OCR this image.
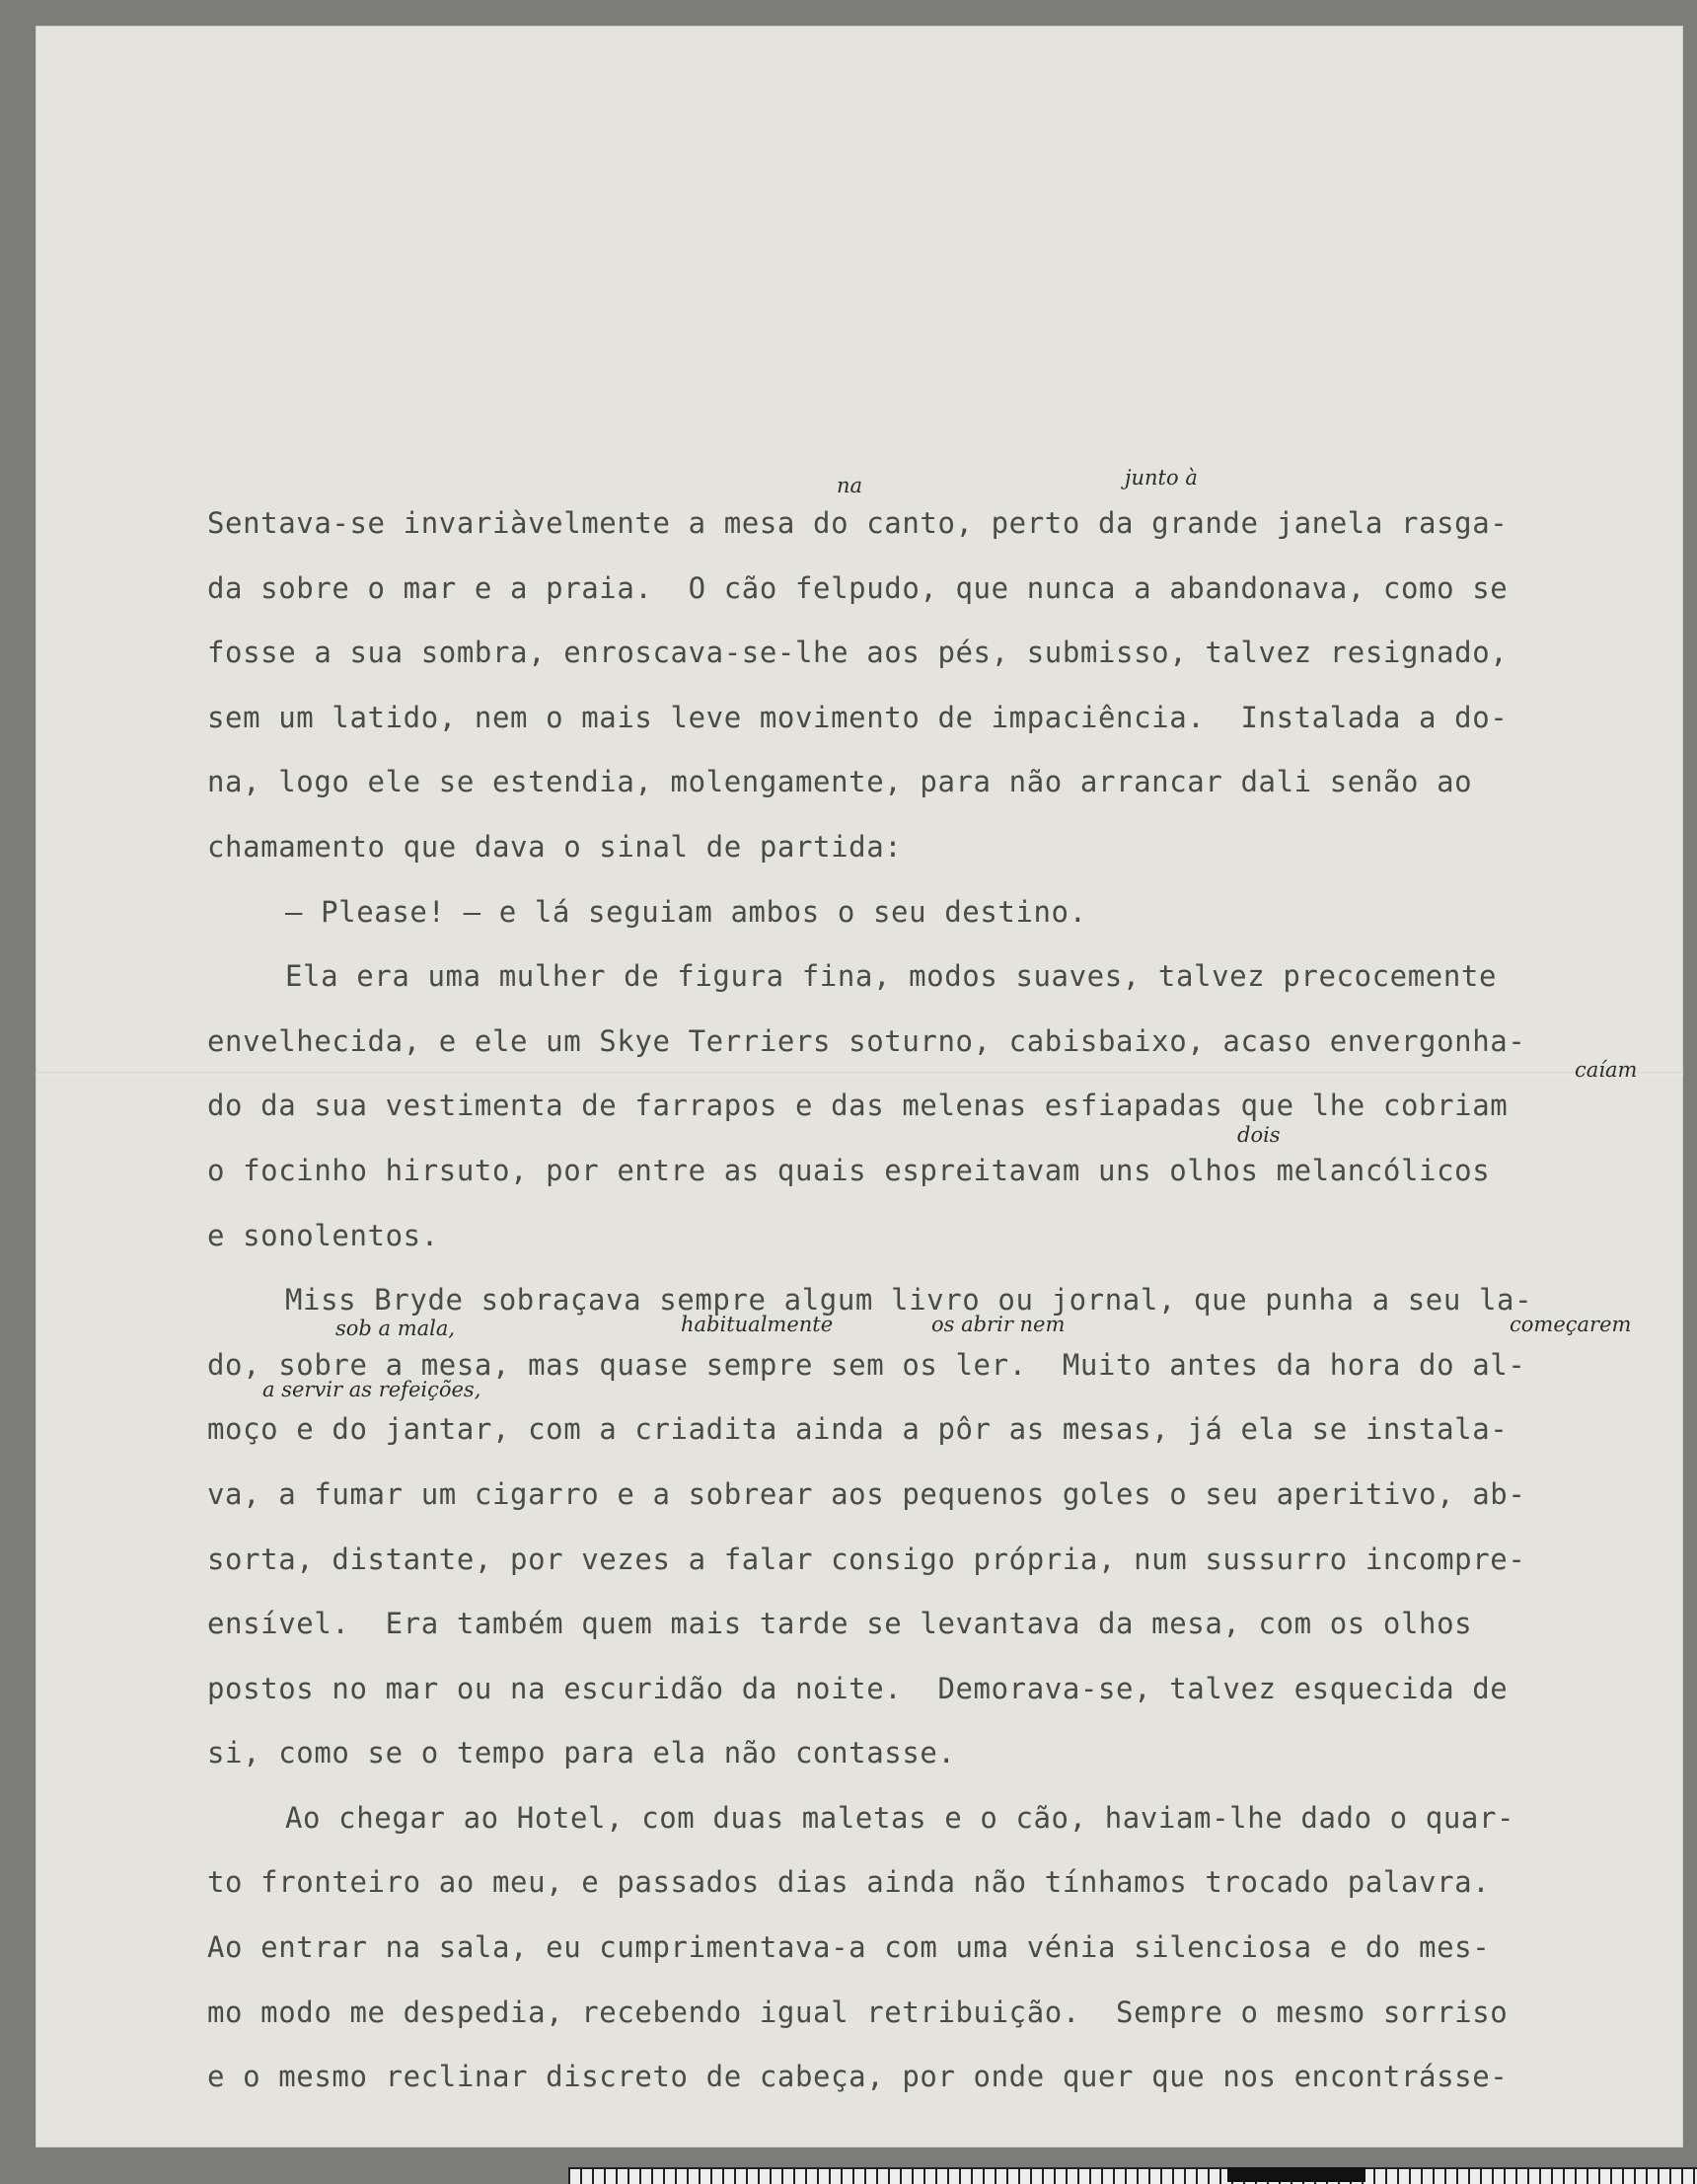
Sentava-se invariàvelmente a mesa do canto, perto da grande janela rasga-
da sobre o mar e a praia.  O cão felpudo, que nunca a abandonava, como se
fosse a sua sombra, enroscava-se-lhe aos pés, submisso, talvez resignado,
sem um latido, nem o mais leve movimento de impaciência.  Instalada a do-
na, logo ele se estendia, molengamente, para não arrancar dali senão ao
chamamento que dava o sinal de partida:
— Please! — e lá seguiam ambos o seu destino.
Ela era uma mulher de figura fina, modos suaves, talvez precocemente
envelhecida, e ele um Skye Terriers soturno, cabisbaixo, acaso envergonha-
do da sua vestimenta de farrapos e das melenas esfiapadas que lhe cobriam
o focinho hirsuto, por entre as quais espreitavam uns olhos melancólicos
e sonolentos.
Miss Bryde sobraçava sempre algum livro ou jornal, que punha a seu la-
do, sobre a mesa, mas quase sempre sem os ler.  Muito antes da hora do al-
moço e do jantar, com a criadita ainda a pôr as mesas, já ela se instala-
va, a fumar um cigarro e a sobrear aos pequenos goles o seu aperitivo, ab-
sorta, distante, por vezes a falar consigo própria, num sussurro incompre-
ensível.  Era também quem mais tarde se levantava da mesa, com os olhos
postos no mar ou na escuridão da noite.  Demorava-se, talvez esquecida de
si, como se o tempo para ela não contasse.
Ao chegar ao Hotel, com duas maletas e o cão, haviam-lhe dado o quar-
to fronteiro ao meu, e passados dias ainda não tínhamos trocado palavra.
Ao entrar na sala, eu cumprimentava-a com uma vénia silenciosa e do mes-
mo modo me despedia, recebendo igual retribuição.  Sempre o mesmo sorriso
e o mesmo reclinar discreto de cabeça, por onde quer que nos encontrásse-
na	junto à
caíam
dois
sob a mala,	habitualmente	os abrir nem	começarem
a servir as refeições,
